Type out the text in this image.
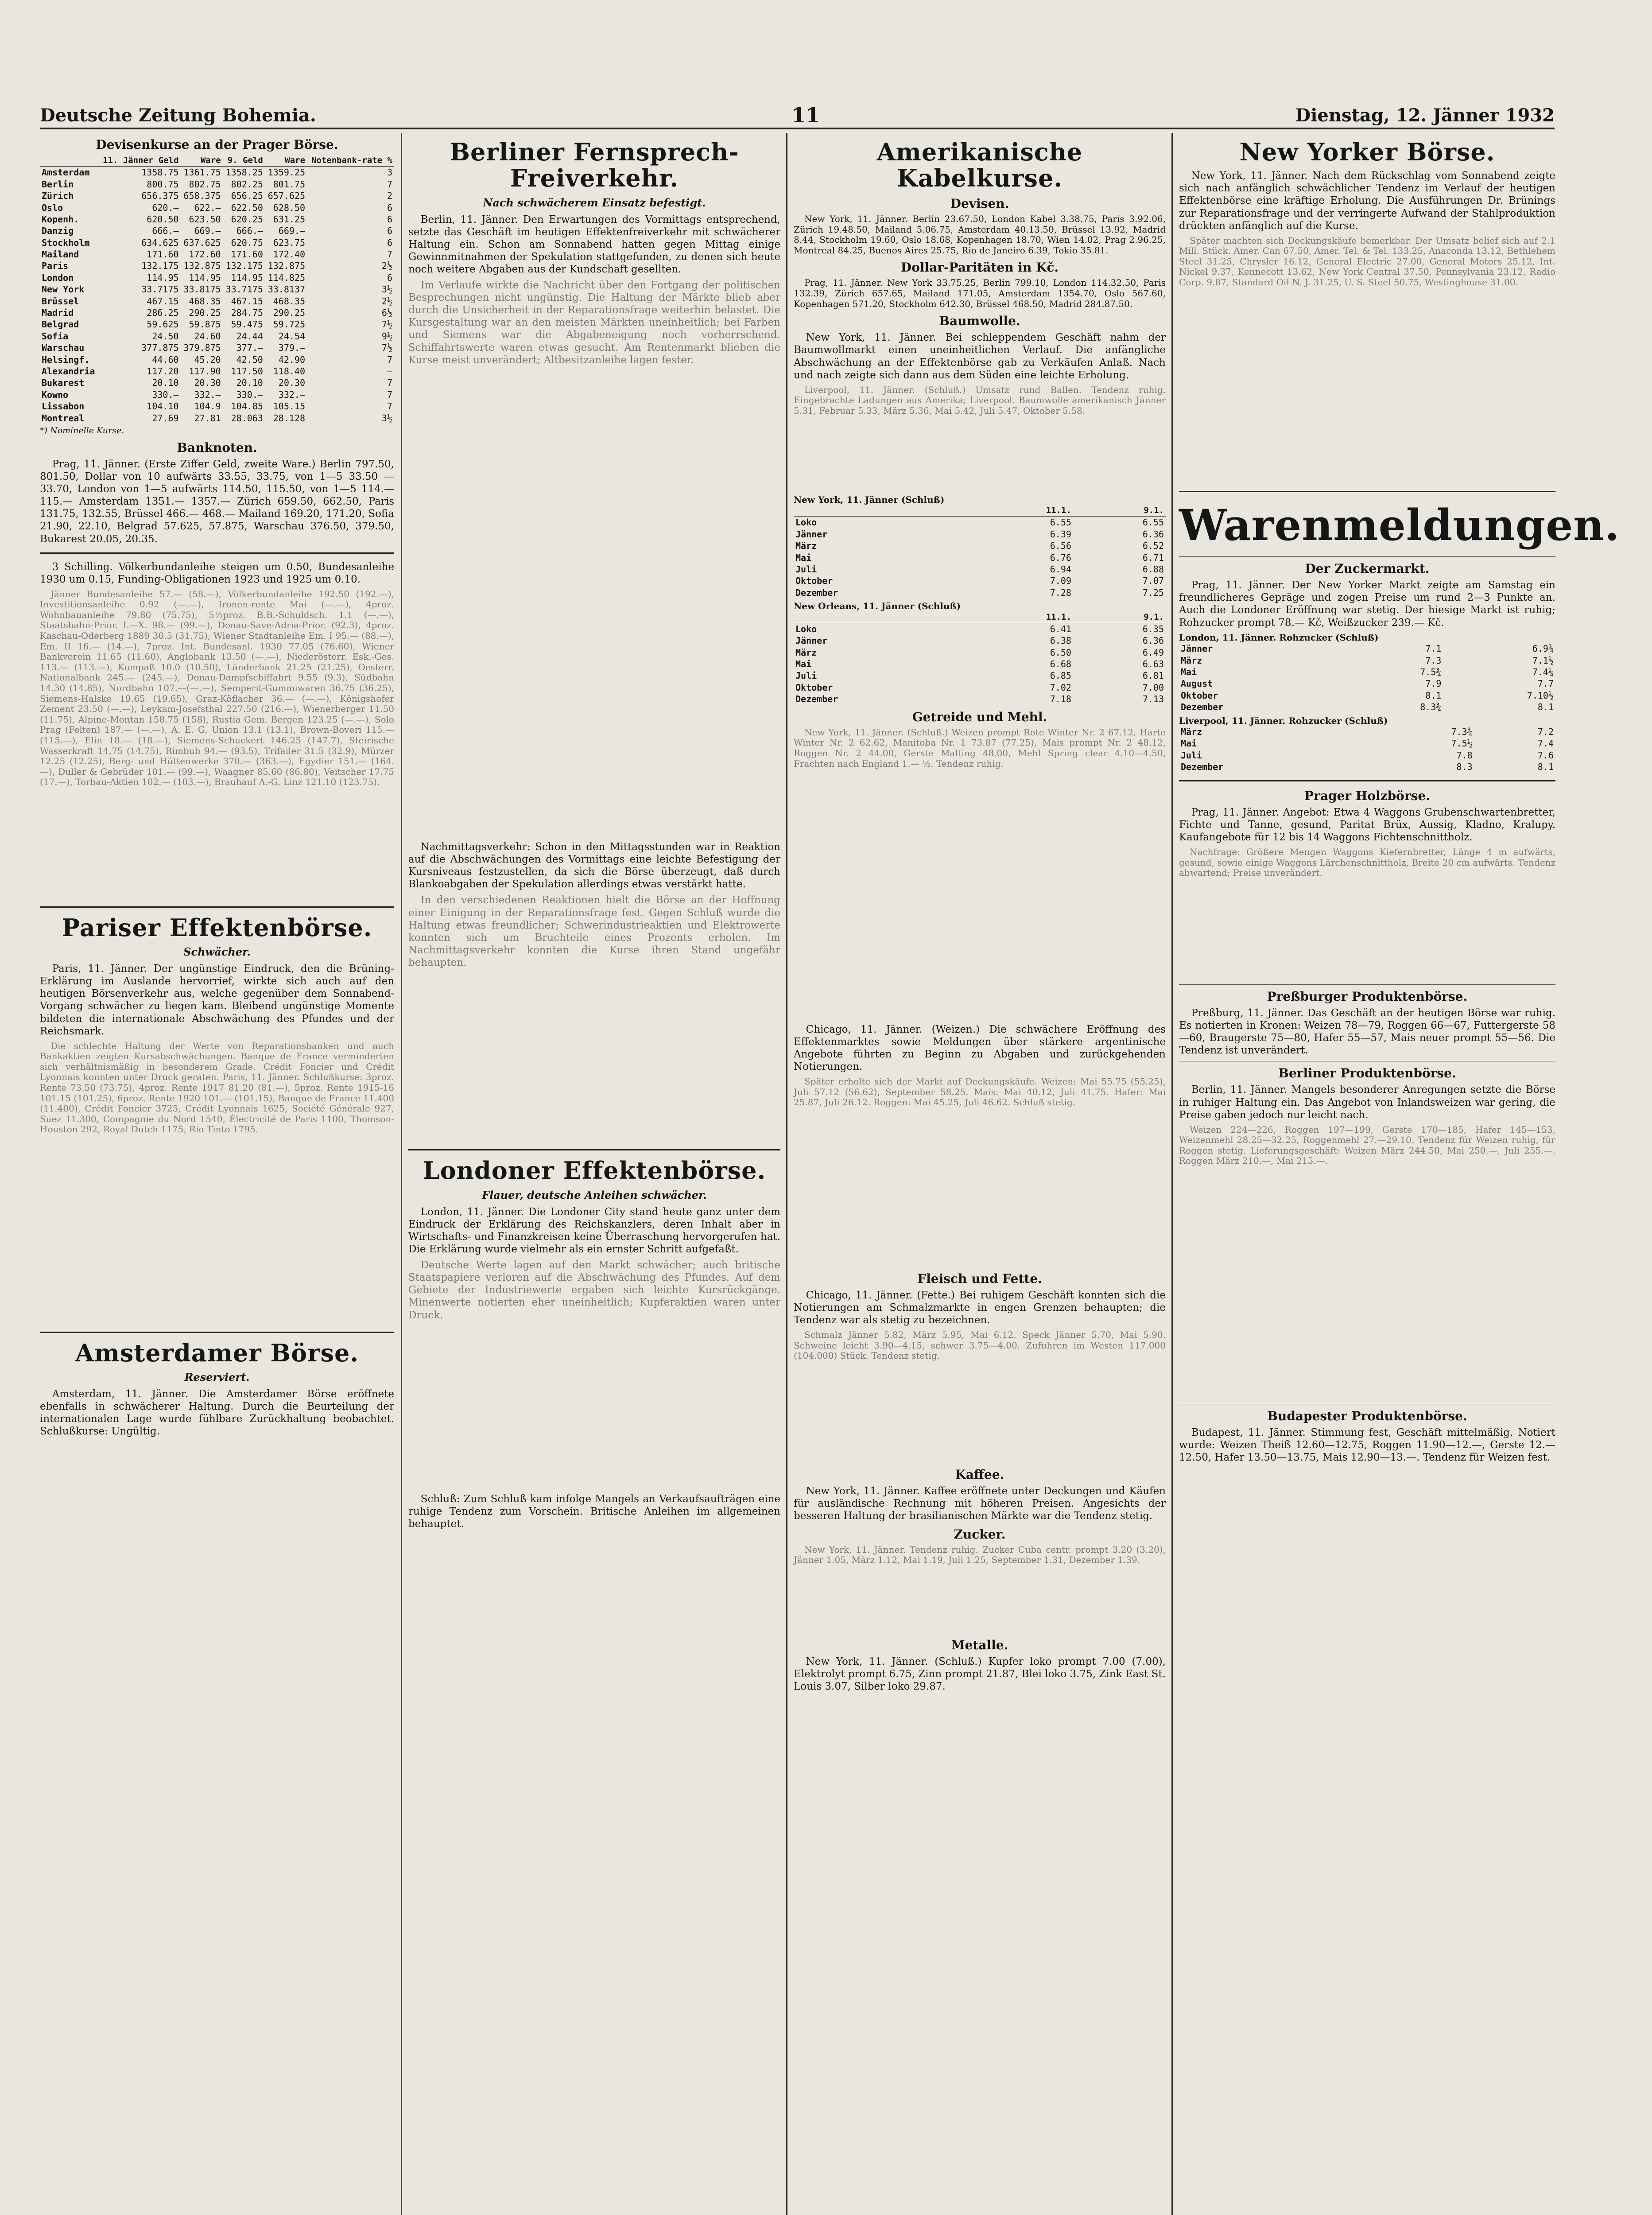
Deutsche Zeitung Bohemia.	11	Dienstag, 12. Jänner 1932
Devisenkurse an der Prager Börse.
	11. Jänner Geld	Ware	9. Geld	Ware	Notenbank-rate %
Amsterdam	1358.75	1361.75	1358.25	1359.25	3
Berlin	800.75	802.75	802.25	801.75	7
Zürich	656.375	658.375	656.25	657.625	2
Oslo	620.—	622.—	622.50	628.50	6
Kopenh.	620.50	623.50	620.25	631.25	6
Danzig	666.—	669.—	666.—	669.—	6
Stockholm	634.625	637.625	620.75	623.75	6
Mailand	171.60	172.60	171.60	172.40	7
Paris	132.175	132.875	132.175	132.875	2½
London	114.95	114.95	114.95	114.825	6
New York	33.7175	33.8175	33.7175	33.8137	3½
Brüssel	467.15	468.35	467.15	468.35	2½
Madrid	286.25	290.25	284.75	290.25	6½
Belgrad	59.625	59.875	59.475	59.725	7½
Sofia	24.50	24.60	24.44	24.54	9½
Warschau	377.875	379.875	377.—	379.—	7½
Helsingf.	44.60	45.20	42.50	42.90	7
Alexandria	117.20	117.90	117.50	118.40	—
Bukarest	20.10	20.30	20.10	20.30	7
Kowno	330.—	332.—	330.—	332.—	7
Lissabon	104.10	104.9	104.85	105.15	7
Montreal	27.69	27.81	28.063	28.128	3½
*) Nominelle Kurse.
Banknoten.

Prag, 11. Jänner. (Erste Ziffer Geld, zweite Ware.) Berlin 797.50, 801.50, Dollar von 10 aufwärts 33.55, 33.75, von 1—5 33.50 — 33.70, London von 1—5 aufwärts 114.50, 115.50, von 1—5 114.— 115.— Amsterdam 1351.— 1357.— Zürich 659.50, 662.50, Paris 131.75, 132.55, Brüssel 466.— 468.— Mailand 169.20, 171.20, Sofia 21.90, 22.10, Belgrad 57.625, 57.875, Warschau 376.50, 379.50, Bukarest 20.05, 20.35.

3 Schilling. Völkerbundanleihe steigen um 0.50, Bundesanleihe 1930 um 0.15, Funding-Obligationen 1923 und 1925 um 0.10.

Jänner Bundesanleihe 57.— (58.—), Völkerbundanleihe 192.50 (192.—), Investitionsanleihe 0.92 (—.—), Ironen-rente Mai (—.—), 4proz. Wohnbauanleihe 79.80 (75.75), 5½proz. B.B.-Schuldsch. 1.1 (—.—), Staatsbahn-Prior. I.—X. 98.— (99.—), Donau-Save-Adria-Prior. (92.3), 4proz. Kaschau-Oderberg 1889 30.5 (31.75), Wiener Stadtanleihe Em. I 95.— (88.—), Em. II 16.— (14.—), 7proz. Int. Bundesanl. 1930 77.05 (76.60), Wiener Bankverein 11.65 (11.60), Anglobank 13.50 (—.—), Niederösterr. Esk.-Ges. 113.— (113.—), Kompaß 10.0 (10.50), Länderbank 21.25 (21.25), Oesterr. Nationalbank 245.— (245.—), Donau-Dampfschiffahrt 9.55 (9.3), Südbahn 14.30 (14.85), Nordbahn 107.—(—.—), Semperit-Gummiwaren 36.75 (36.25), Siemens-Halske 19.65 (19.65), Graz-Köflacher 36.— (—.—), Königshofer Zement 23.50 (—.—), Leykam-Josefsthal 227.50 (216.—), Wienerberger 11.50 (11.75), Alpine-Montan 158.75 (158), Rustia Gem. Bergen 123.25 (—.—), Solo Prag (Felten) 187.— (—.—), A. E. G. Union 13.1 (13.1), Brown-Boveri 115.— (115.—), Elin 18.— (18.—), Siemens-Schuckert 146.25 (147.7), Steirische Wasserkraft 14.75 (14.75), Rimbub 94.— (93.5), Trifailer 31.5 (32.9), Mürzer 12.25 (12.25), Berg- und Hüttenwerke 370.— (363.—), Egydier 151.— (164.—), Duller & Gebrüder 101.— (99.—), Waagner 85.60 (86.80), Veitscher 17.75 (17.—), Torbau-Aktien 102.— (103.—), Brauhauf A.-G. Linz 121.10 (123.75).

Pariser Effektenbörse.
Schwächer.

Paris, 11. Jänner. Der ungünstige Eindruck, den die Brüning-Erklärung im Auslande hervorrief, wirkte sich auch auf den heutigen Börsenverkehr aus, welche gegenüber dem Sonnabend-Vorgang schwächer zu liegen kam. Bleibend ungünstige Momente bildeten die internationale Abschwächung des Pfundes und der Reichsmark.

Die schlechte Haltung der Werte von Reparationsbanken und auch Bankaktien zeigten Kursabschwächungen. Banque de France verminderten sich verhältnismäßig in besonderem Grade. Crédit Foncier und Crédit Lyonnais konnten unter Druck geraten. Paris, 11. Jänner. Schlußkurse: 3proz. Rente 73.50 (73.75), 4proz. Rente 1917 81.20 (81.—), 5proz. Rente 1915-16 101.15 (101.25), 6proz. Rente 1920 101.— (101.15), Banque de France 11.400 (11.400), Crédit Foncier 3725, Crédit Lyonnais 1625, Société Générale 927, Suez 11.300, Compagnie du Nord 1540, Électricité de Paris 1100, Thomson-Houston 292, Royal Dutch 1175, Rio Tinto 1795.

Amsterdamer Börse.
Reserviert.

Amsterdam, 11. Jänner. Die Amsterdamer Börse eröffnete ebenfalls in schwächerer Haltung. Durch die Beurteilung der internationalen Lage wurde fühlbare Zurückhaltung beobachtet. Schlußkurse: Ungültig.

Berliner Fernsprech-Freiverkehr.
Nach schwächerem Einsatz befestigt.

Berlin, 11. Jänner. Den Erwartungen des Vormittags entsprechend, setzte das Geschäft im heutigen Effektenfreiverkehr mit schwächerer Haltung ein. Schon am Sonnabend hatten gegen Mittag einige Gewinnmitnahmen der Spekulation stattgefunden, zu denen sich heute noch weitere Abgaben aus der Kundschaft gesellten.

Im Verlaufe wirkte die Nachricht über den Fortgang der politischen Besprechungen nicht ungünstig. Die Haltung der Märkte blieb aber durch die Unsicherheit in der Reparationsfrage weiterhin belastet. Die Kursgestaltung war an den meisten Märkten uneinheitlich; bei Farben und Siemens war die Abgabeneigung noch vorherrschend. Schiffahrtswerte waren etwas gesucht. Am Rentenmarkt blieben die Kurse meist unverändert; Altbesitzanleihe lagen fester.

Nachmittagsverkehr: Schon in den Mittagsstunden war in Reaktion auf die Abschwächungen des Vormittags eine leichte Befestigung der Kursniveaus festzustellen, da sich die Börse überzeugt, daß durch Blankoabgaben der Spekulation allerdings etwas verstärkt hatte.

In den verschiedenen Reaktionen hielt die Börse an der Hoffnung einer Einigung in der Reparationsfrage fest. Gegen Schluß wurde die Haltung etwas freundlicher; Schwerindustrieaktien und Elektrowerte konnten sich um Bruchteile eines Prozents erholen. Im Nachmittagsverkehr konnten die Kurse ihren Stand ungefähr behaupten.

Londoner Effektenbörse.
Flauer, deutsche Anleihen schwächer.

London, 11. Jänner. Die Londoner City stand heute ganz unter dem Eindruck der Erklärung des Reichskanzlers, deren Inhalt aber in Wirtschafts- und Finanzkreisen keine Überraschung hervorgerufen hat. Die Erklärung wurde vielmehr als ein ernster Schritt aufgefaßt.

Deutsche Werte lagen auf den Markt schwächer; auch britische Staatspapiere verloren auf die Abschwächung des Pfundes. Auf dem Gebiete der Industriewerte ergaben sich leichte Kursrückgänge. Minenwerte notierten eher uneinheitlich; Kupferaktien waren unter Druck.

Schluß: Zum Schluß kam infolge Mangels an Verkaufsaufträgen eine ruhige Tendenz zum Vorschein. Britische Anleihen im allgemeinen behauptet.

Amerikanische Kabelkurse.
Devisen.

New York, 11. Jänner. Berlin 23.67.50, London Kabel 3.38.75, Paris 3.92.06, Zürich 19.48.50, Mailand 5.06.75, Amsterdam 40.13.50, Brüssel 13.92, Madrid 8.44, Stockholm 19.60, Oslo 18.68, Kopenhagen 18.70, Wien 14.02, Prag 2.96.25, Montreal 84.25, Buenos Aires 25.75, Rio de Janeiro 6.39, Tokio 35.81.

Dollar-Paritäten in Kč.

Prag, 11. Jänner. New York 33.75.25, Berlin 799.10, London 114.32.50, Paris 132.39, Zürich 657.65, Mailand 171.05, Amsterdam 1354.70, Oslo 567.60, Kopenhagen 571.20, Stockholm 642.30, Brüssel 468.50, Madrid 284.87.50.

Baumwolle.

New York, 11. Jänner. Bei schleppendem Geschäft nahm der Baumwollmarkt einen uneinheitlichen Verlauf. Die anfängliche Abschwächung an der Effektenbörse gab zu Verkäufen Anlaß. Nach und nach zeigte sich dann aus dem Süden eine leichte Erholung.

Liverpool, 11. Jänner. (Schluß.) Umsatz rund Ballen. Tendenz ruhig. Eingebrachte Ladungen aus Amerika; Liverpool. Baumwolle amerikanisch Jänner 5.31, Februar 5.33, März 5.36, Mai 5.42, Juli 5.47, Oktober 5.58.

New York, 11. Jänner (Schluß)
	11.1.	9.1.
Loko	6.55	6.55
Jänner	6.39	6.36
März	6.56	6.52
Mai	6.76	6.71
Juli	6.94	6.88
Oktober	7.09	7.07
Dezember	7.28	7.25
New Orleans, 11. Jänner (Schluß)
	11.1.	9.1.
Loko	6.41	6.35
Jänner	6.38	6.36
März	6.50	6.49
Mai	6.68	6.63
Juli	6.85	6.81
Oktober	7.02	7.00
Dezember	7.18	7.13
Getreide und Mehl.

New York, 11. Jänner. (Schluß.) Weizen prompt Rote Winter Nr. 2 67.12, Harte Winter Nr. 2 62.62, Manitoba Nr. 1 73.87 (77.25), Mais prompt Nr. 2 48.12, Roggen Nr. 2 44.00, Gerste Malting 48.00, Mehl Spring clear 4.10—4.50, Frachten nach England 1.— ½. Tendenz ruhig.

Chicago, 11. Jänner. (Weizen.) Die schwächere Eröffnung des Effektenmarktes sowie Meldungen über stärkere argentinische Angebote führten zu Beginn zu Abgaben und zurückgehenden Notierungen.

Später erholte sich der Markt auf Deckungskäufe. Weizen: Mai 55.75 (55.25), Juli 57.12 (56.62), September 58.25. Mais: Mai 40.12, Juli 41.75. Hafer: Mai 25.87, Juli 26.12. Roggen: Mai 45.25, Juli 46.62. Schluß stetig.

Fleisch und Fette.

Chicago, 11. Jänner. (Fette.) Bei ruhigem Geschäft konnten sich die Notierungen am Schmalzmarkte in engen Grenzen behaupten; die Tendenz war als stetig zu bezeichnen.

Schmalz Jänner 5.82, März 5.95, Mai 6.12. Speck Jänner 5.70, Mai 5.90. Schweine leicht 3.90—4.15, schwer 3.75—4.00. Zufuhren im Westen 117.000 (104.000) Stück. Tendenz stetig.

Kaffee.

New York, 11. Jänner. Kaffee eröffnete unter Deckungen und Käufen für ausländische Rechnung mit höheren Preisen. Angesichts der besseren Haltung der brasilianischen Märkte war die Tendenz stetig.

Zucker.

New York, 11. Jänner. Tendenz ruhig. Zucker Cuba centr. prompt 3.20 (3.20), Jänner 1.05, März 1.12, Mai 1.19, Juli 1.25, September 1.31, Dezember 1.39.

Metalle.

New York, 11. Jänner. (Schluß.) Kupfer loko prompt 7.00 (7.00), Elektrolyt prompt 6.75, Zinn prompt 21.87, Blei loko 3.75, Zink East St. Louis 3.07, Silber loko 29.87.

New Yorker Börse.

New York, 11. Jänner. Nach dem Rückschlag vom Sonnabend zeigte sich nach anfänglich schwächlicher Tendenz im Verlauf der heutigen Effektenbörse eine kräftige Erholung. Die Ausführungen Dr. Brünings zur Reparationsfrage und der verringerte Aufwand der Stahlproduktion drückten anfänglich auf die Kurse.

Später machten sich Deckungskäufe bemerkbar. Der Umsatz belief sich auf 2.1 Mill. Stück. Amer. Can 67.50, Amer. Tel. & Tel. 133.25, Anaconda 13.12, Bethlehem Steel 31.25, Chrysler 16.12, General Electric 27.00, General Motors 25.12, Int. Nickel 9.37, Kennecott 13.62, New York Central 37.50, Pennsylvania 23.12, Radio Corp. 9.87, Standard Oil N. J. 31.25, U. S. Steel 50.75, Westinghouse 31.00.

Warenmeldungen.
Der Zuckermarkt.

Prag, 11. Jänner. Der New Yorker Markt zeigte am Samstag ein freundlicheres Gepräge und zogen Preise um rund 2—3 Punkte an. Auch die Londoner Eröffnung war stetig. Der hiesige Markt ist ruhig; Rohzucker prompt 78.— Kč, Weißzucker 239.— Kč.

London, 11. Jänner. Rohzucker (Schluß)
Jänner	7.1	6.9¾
März	7.3	7.1½
Mai	7.5¾	7.4¼
August	7.9	7.7
Oktober	8.1	7.10½
Dezember	8.3¾	8.1
Liverpool, 11. Jänner. Rohzucker (Schluß)
März	7.3¾	7.2
Mai	7.5½	7.4
Juli	7.8	7.6
Dezember	8.3	8.1
Prager Holzbörse.

Prag, 11. Jänner. Angebot: Etwa 4 Waggons Grubenschwartenbretter, Fichte und Tanne, gesund, Paritat Brüx, Aussig, Kladno, Kralupy. Kaufangebote für 12 bis 14 Waggons Fichtenschnittholz.

Nachfrage: Größere Mengen Waggons Kiefernbretter, Länge 4 m aufwärts, gesund, sowie einige Waggons Lärchenschnittholz, Breite 20 cm aufwärts. Tendenz abwartend; Preise unverändert.

Preßburger Produktenbörse.

Preßburg, 11. Jänner. Das Geschäft an der heutigen Börse war ruhig. Es notierten in Kronen: Weizen 78—79, Roggen 66—67, Futtergerste 58—60, Braugerste 75—80, Hafer 55—57, Mais neuer prompt 55—56. Die Tendenz ist unverändert.

Berliner Produktenbörse.

Berlin, 11. Jänner. Mangels besonderer Anregungen setzte die Börse in ruhiger Haltung ein. Das Angebot von Inlandsweizen war gering, die Preise gaben jedoch nur leicht nach.

Weizen 224—226, Roggen 197—199, Gerste 170—185, Hafer 145—153, Weizenmehl 28.25—32.25, Roggenmehl 27.—29.10. Tendenz für Weizen ruhig, für Roggen stetig. Lieferungsgeschäft: Weizen März 244.50, Mai 250.—, Juli 255.—. Roggen März 210.—, Mai 215.—.

Budapester Produktenbörse.

Budapest, 11. Jänner. Stimmung fest, Geschäft mittelmäßig. Notiert wurde: Weizen Theiß 12.60—12.75, Roggen 11.90—12.—, Gerste 12.—12.50, Hafer 13.50—13.75, Mais 12.90—13.—. Tendenz für Weizen fest.
